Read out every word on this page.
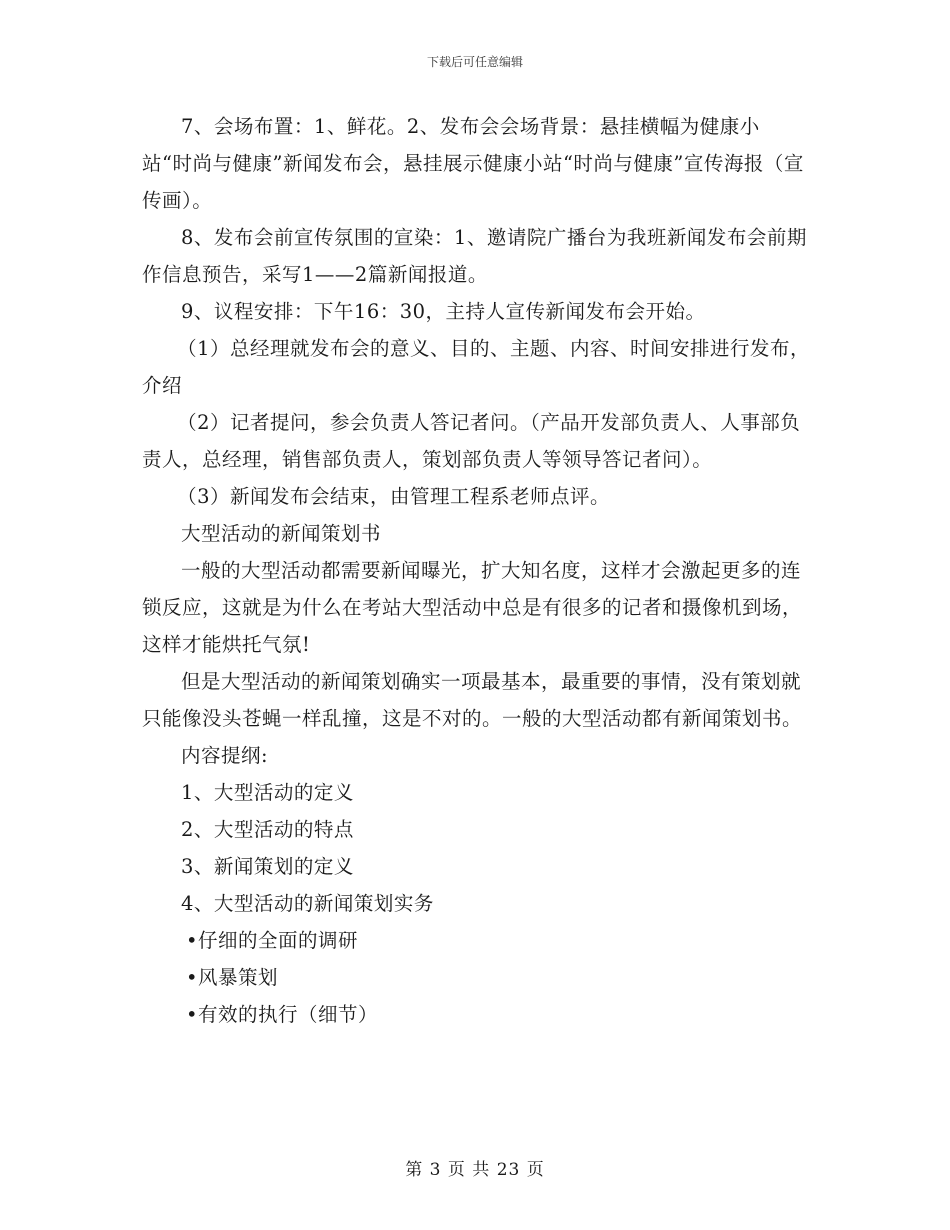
下载后可任意编辑

7、会场布置：1、鲜花。2、发布会会场背景：悬挂横幅为健康小站“时尚与健康”新闻发布会，悬挂展示健康小站“时尚与健康”宣传海报（宣传画）。

8、发布会前宣传氛围的宣染：1、邀请院广播台为我班新闻发布会前期作信息预告，采写1——2篇新闻报道。

9、议程安排：下午16：30，主持人宣传新闻发布会开始。

（1）总经理就发布会的意义、目的、主题、内容、时间安排进行发布，介绍

（2）记者提问，参会负责人答记者问。（产品开发部负责人、人事部负责人，总经理，销售部负责人，策划部负责人等领导答记者问）。

（3）新闻发布会结束，由管理工程系老师点评。

大型活动的新闻策划书

一般的大型活动都需要新闻曝光，扩大知名度，这样才会激起更多的连锁反应，这就是为什么在考站大型活动中总是有很多的记者和摄像机到场，这样才能烘托气氛!

但是大型活动的新闻策划确实一项最基本，最重要的事情，没有策划就只能像没头苍蝇一样乱撞，这是不对的。一般的大型活动都有新闻策划书。

内容提纲:

1、大型活动的定义

2、大型活动的特点

3、新闻策划的定义

4、大型活动的新闻策划实务

•仔细的全面的调研

•风暴策划

•有效的执行（细节）

第 3 页 共 23 页
